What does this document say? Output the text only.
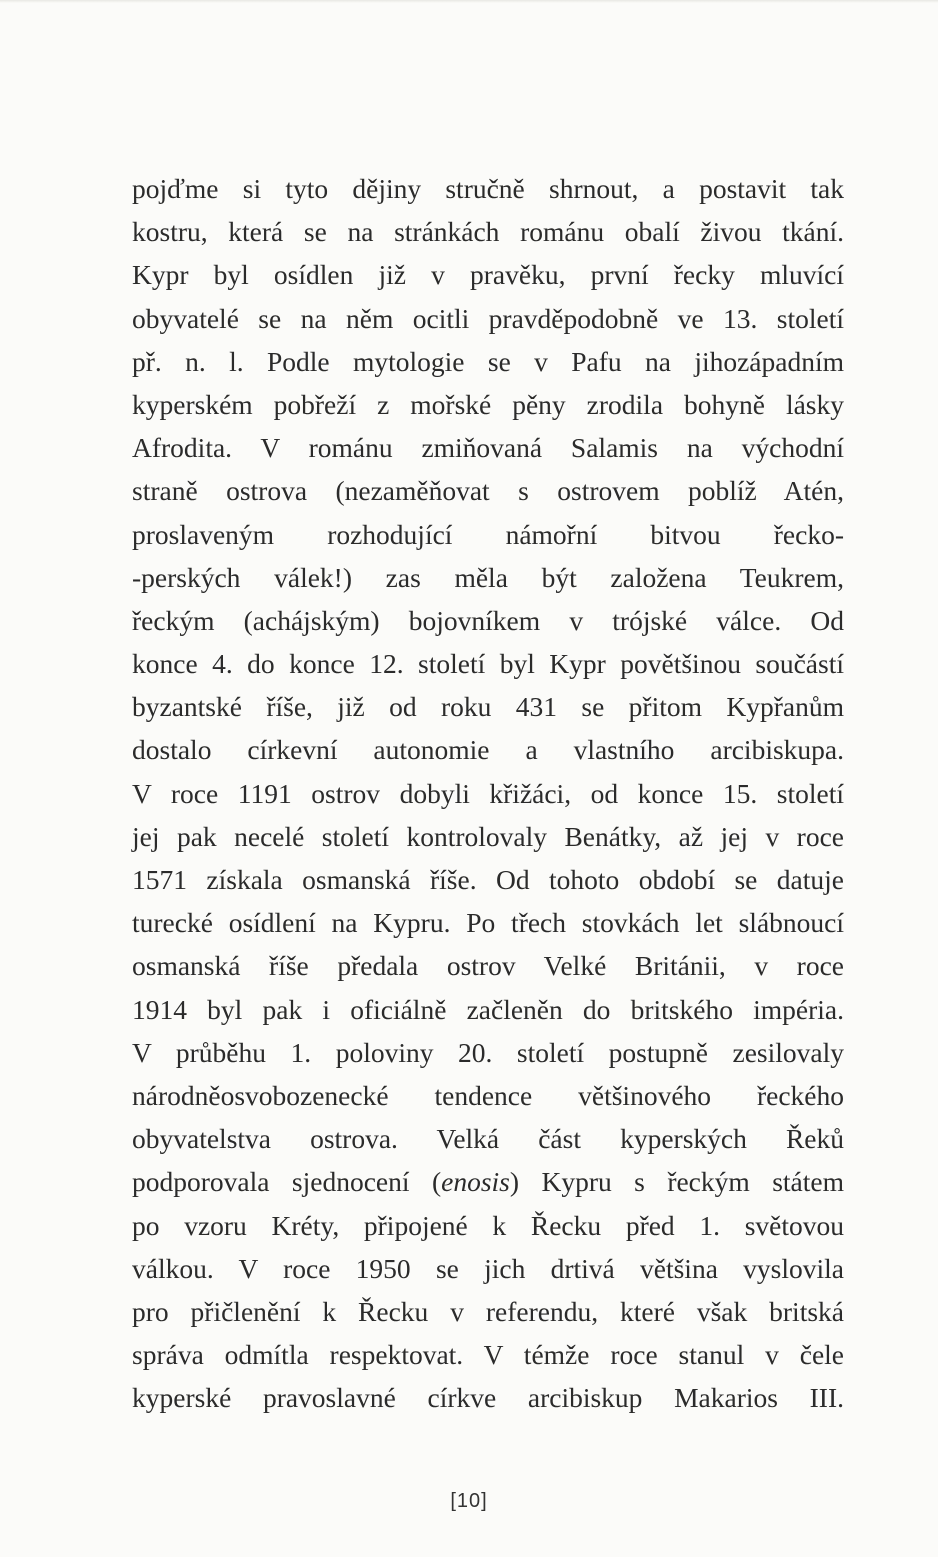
pojďme si tyto dějiny stručně shrnout, a postavit tak
kostru, která se na stránkách románu obalí živou tkání.
Kypr byl osídlen již v pravěku, první řecky mluvící
obyvatelé se na něm ocitli pravděpodobně ve 13. století
př. n. l. Podle mytologie se v Pafu na jihozápadním
kyperském pobřeží z mořské pěny zrodila bohyně lásky
Afrodita. V románu zmiňovaná Salamis na východní
straně ostrova (nezaměňovat s ostrovem poblíž Atén,
proslaveným rozhodující námořní bitvou řecko-
-perských válek!) zas měla být založena Teukrem,
řeckým (achájským) bojovníkem v trójské válce. Od
konce 4. do konce 12. století byl Kypr povětšinou součástí
byzantské říše, již od roku 431 se přitom Kypřanům
dostalo církevní autonomie a vlastního arcibiskupa.
V roce 1191 ostrov dobyli křižáci, od konce 15. století
jej pak necelé století kontrolovaly Benátky, až jej v roce
1571 získala osmanská říše. Od tohoto období se datuje
turecké osídlení na Kypru. Po třech stovkách let slábnoucí
osmanská říše předala ostrov Velké Británii, v roce
1914 byl pak i oficiálně začleněn do britského impéria.
V průběhu 1. poloviny 20. století postupně zesilovaly
národněosvobozenecké tendence většinového řeckého
obyvatelstva ostrova. Velká část kyperských Řeků
podporovala sjednocení (enosis) Kypru s řeckým státem
po vzoru Kréty, připojené k Řecku před 1. světovou
válkou. V roce 1950 se jich drtivá většina vyslovila
pro přičlenění k Řecku v referendu, které však britská
správa odmítla respektovat. V témže roce stanul v čele
kyperské pravoslavné církve arcibiskup Makarios III.
[10]
